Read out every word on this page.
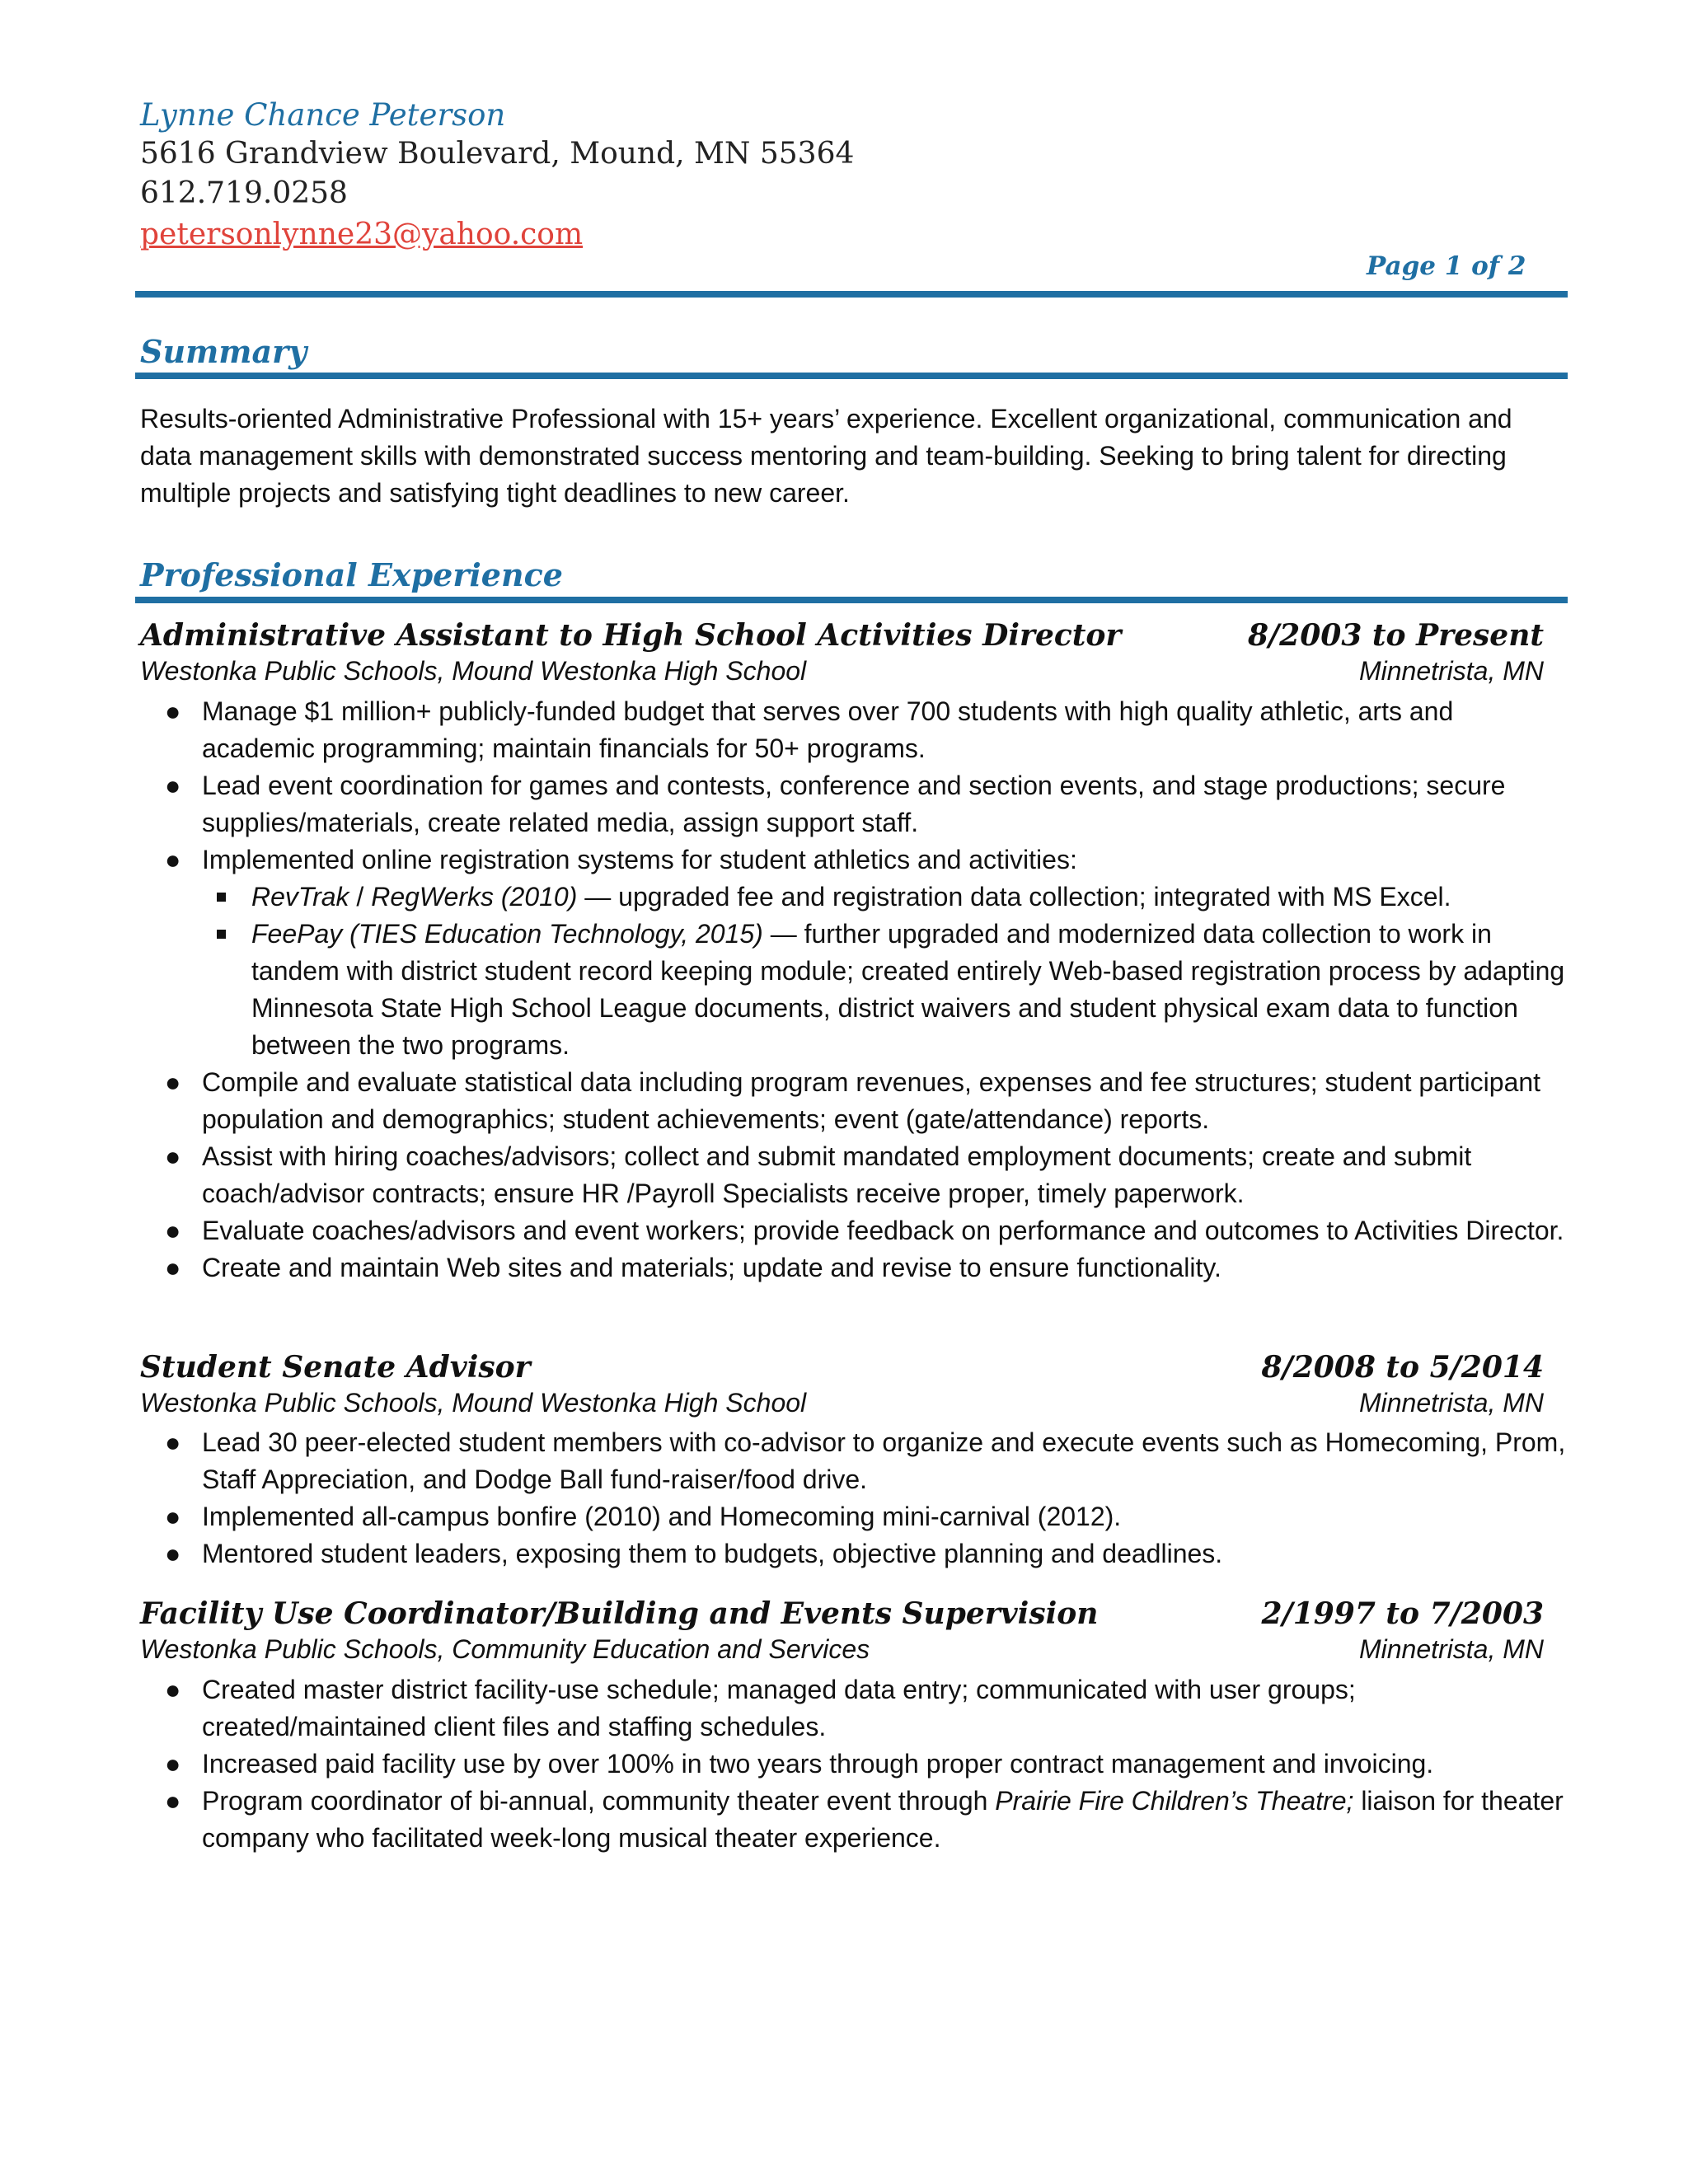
Lynne Chance Peterson
5616 Grandview Boulevard, Mound, MN 55364
612.719.0258
petersonlynne23@yahoo.com
Page 1 of 2
Summary
Results-oriented Administrative Professional with 15+ years’ experience. Excellent organizational, communication and data management skills with demonstrated success mentoring and team-building. Seeking to bring talent for directing multiple projects and satisfying tight deadlines to new career.
Professional Experience
Administrative Assistant to High School Activities Director	8/2003 to Present
Westonka Public Schools, Mound Westonka High School	Minnetrista, MN
● Manage $1 million+ publicly-funded budget that serves over 700 students with high quality athletic, arts and academic programming; maintain financials for 50+ programs.
● Lead event coordination for games and contests, conference and section events, and stage productions; secure supplies/materials, create related media, assign support staff.
● Implemented online registration systems for student athletics and activities:
RevTrak / RegWerks (2010) — upgraded fee and registration data collection; integrated with MS Excel.
FeePay (TIES Education Technology, 2015) — further upgraded and modernized data collection to work in tandem with district student record keeping module; created entirely Web-based registration process by adapting Minnesota State High School League documents, district waivers and student physical exam data to function between the two programs.
● Compile and evaluate statistical data including program revenues, expenses and fee structures; student participant population and demographics; student achievements; event (gate/attendance) reports.
● Assist with hiring coaches/advisors; collect and submit mandated employment documents; create and submit coach/advisor contracts; ensure HR /Payroll Specialists receive proper, timely paperwork.
● Evaluate coaches/advisors and event workers; provide feedback on performance and outcomes to Activities Director.
● Create and maintain Web sites and materials; update and revise to ensure functionality.
Student Senate Advisor	8/2008 to 5/2014
Westonka Public Schools, Mound Westonka High School	Minnetrista, MN
● Lead 30 peer-elected student members with co-advisor to organize and execute events such as Homecoming, Prom, Staff Appreciation, and Dodge Ball fund-raiser/food drive.
● Implemented all-campus bonfire (2010) and Homecoming mini-carnival (2012).
● Mentored student leaders, exposing them to budgets, objective planning and deadlines.
Facility Use Coordinator/Building and Events Supervision	2/1997 to 7/2003
Westonka Public Schools, Community Education and Services	Minnetrista, MN
● Created master district facility-use schedule; managed data entry; communicated with user groups; created/maintained client files and staffing schedules.
● Increased paid facility use by over 100% in two years through proper contract management and invoicing.
● Program coordinator of bi-annual, community theater event through Prairie Fire Children’s Theatre; liaison for theater company who facilitated week-long musical theater experience.
